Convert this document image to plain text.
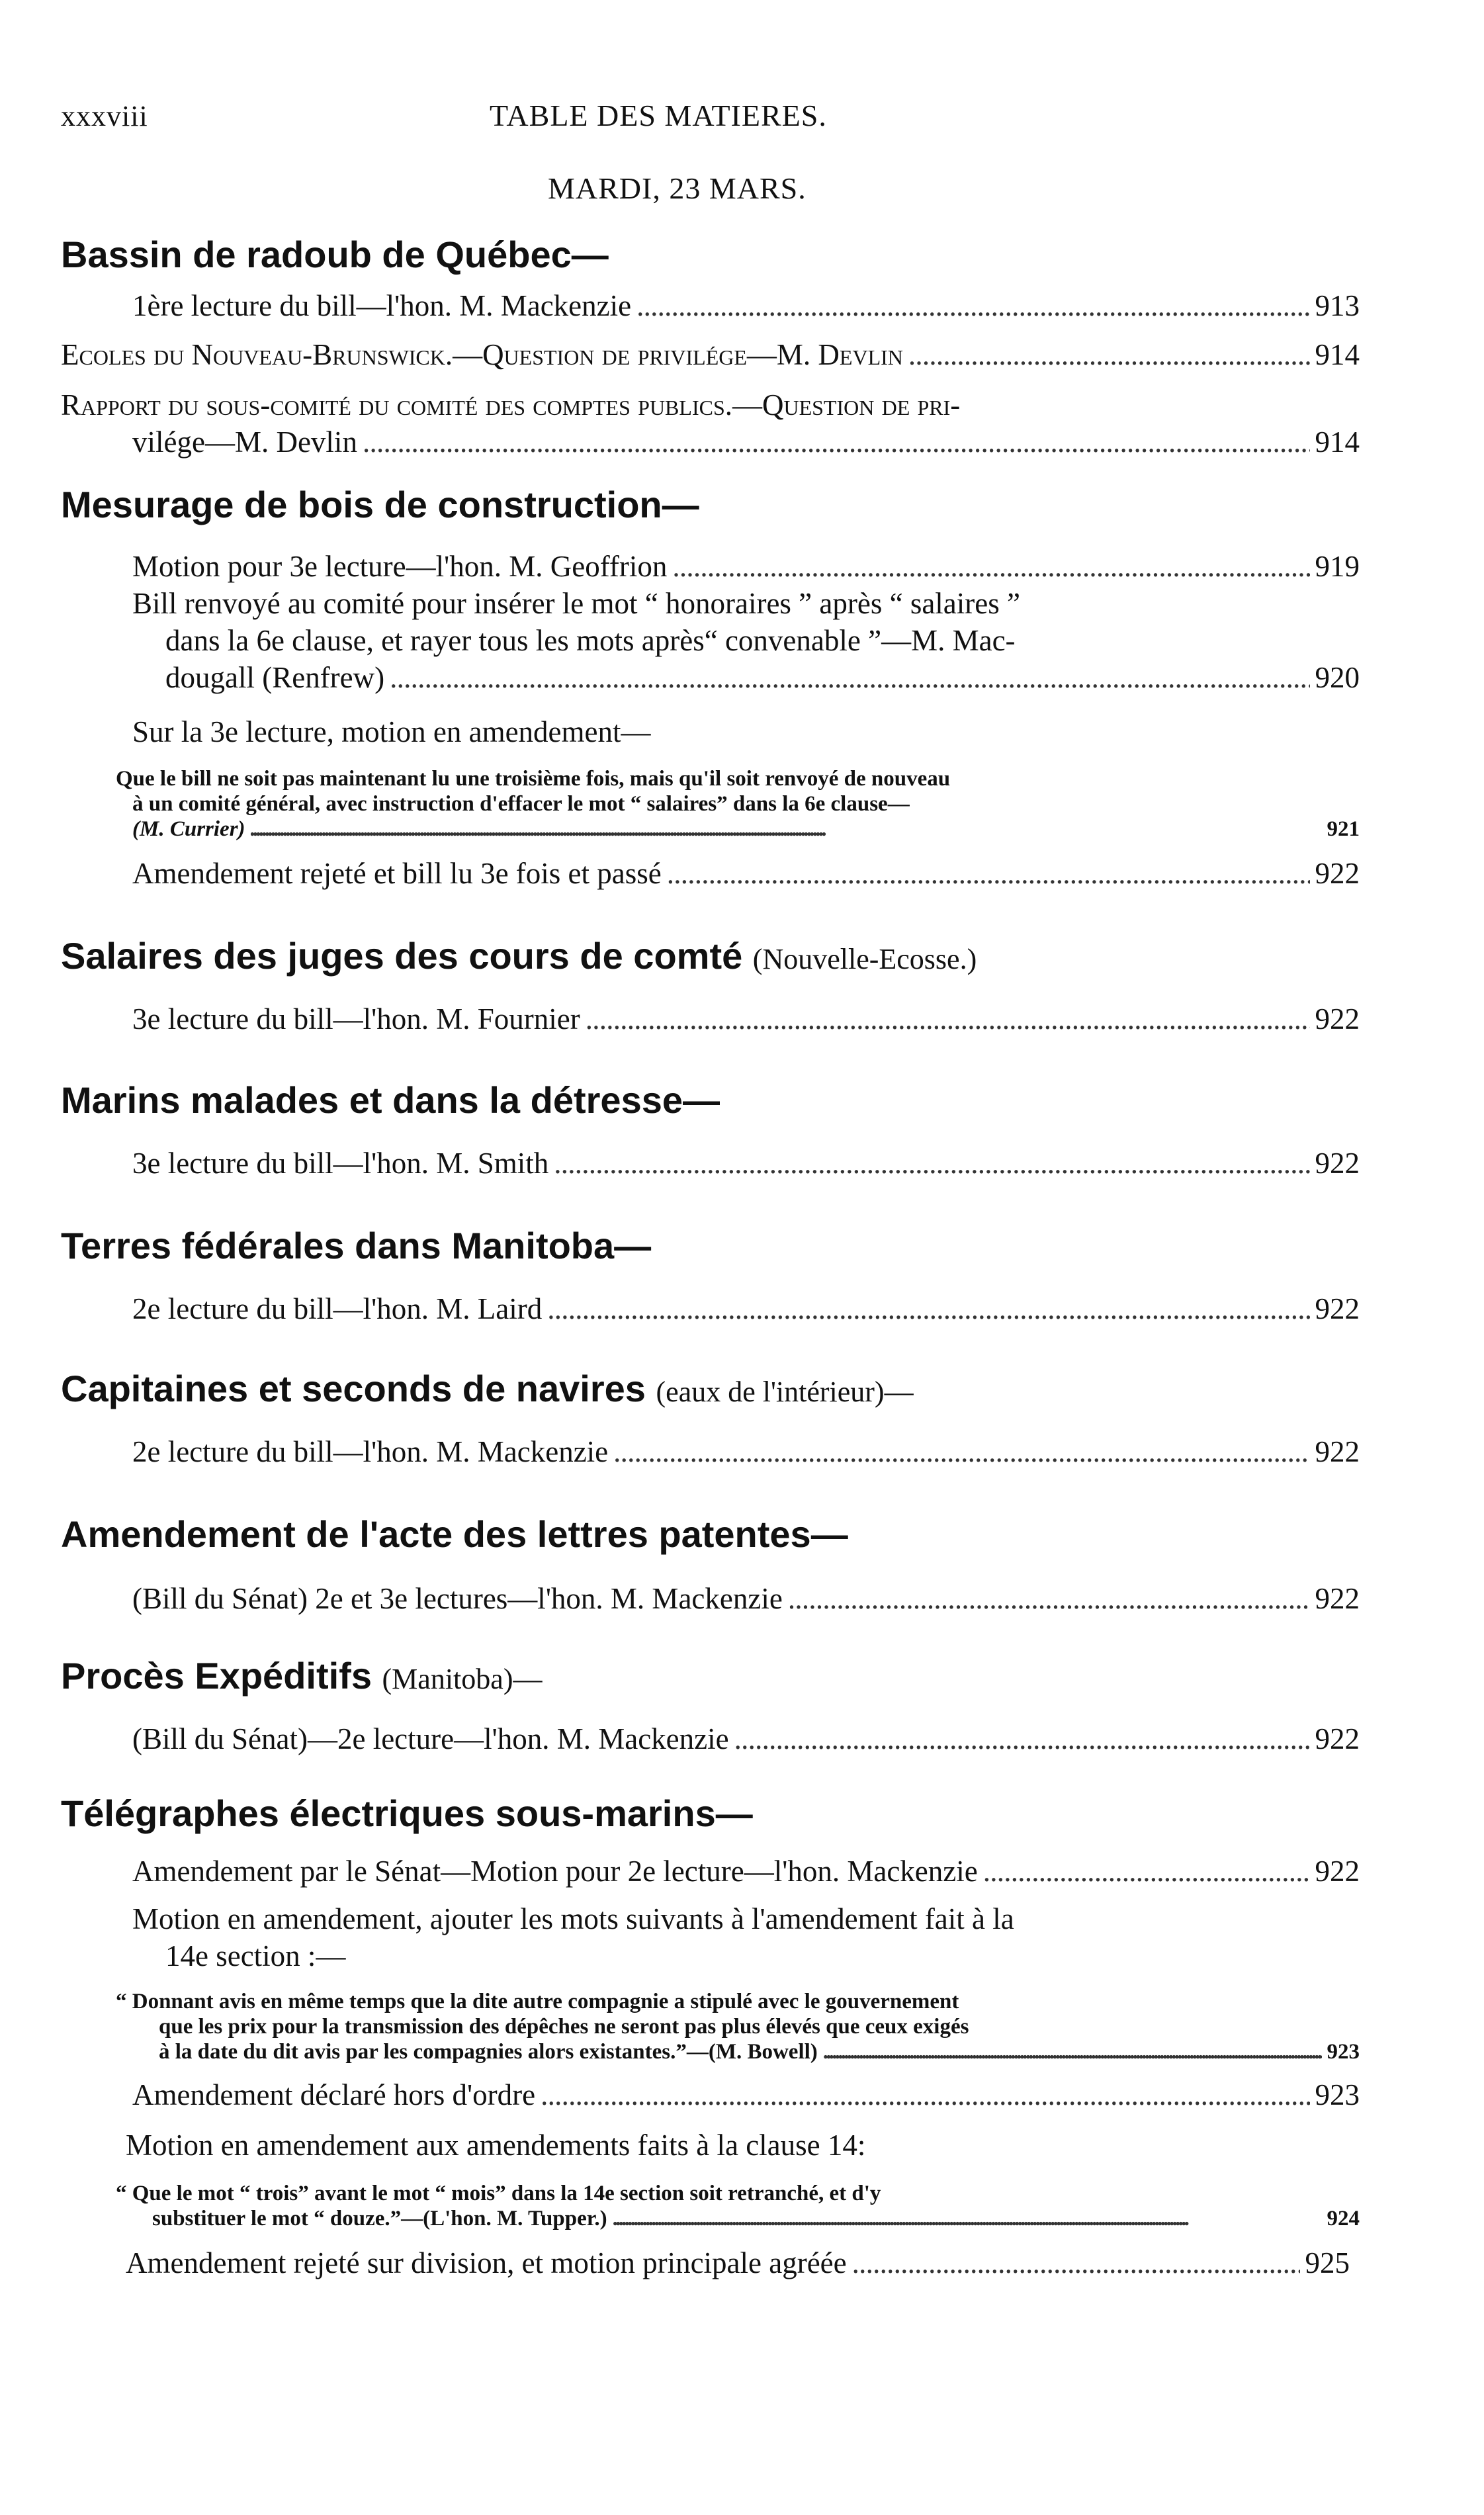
xxxviii	TABLE DES MATIERES.
MARDI, 23 MARS.
Bassin de radoub de Québec—
1ère lecture du bill—l'hon. M. Mackenzie . . .	913
Ecoles du Nouveau-Brunswick.—Question de privilége—M. Devlin . . .	914
Rapport du sous-comité du comité des comptes publics.—Question de pri-
vilége—M. Devlin . . .	914
Mesurage de bois de construction—
Motion pour 3e lecture—l'hon. M. Geoffrion . . .	919
Bill renvoyé au comité pour insérer le mot “ honoraires ” après “ salaires ”
dans la 6e clause, et rayer tous les mots après“ convenable ”—M. Mac-
dougall (Renfrew) . . .	920
Sur la 3e lecture, motion en amendement—
Que le bill ne soit pas maintenant lu une troisième fois, mais qu'il soit renvoyé de nouveau
à un comité général, avec instruction d'effacer le mot “ salaires” dans la 6e clause—
(M. Currier) . . .	921
Amendement rejeté et bill lu 3e fois et passé . . .	922
Salaires des juges des cours de comté (Nouvelle-Ecosse.)
3e lecture du bill—l'hon. M. Fournier . . .	922
Marins malades et dans la détresse—
3e lecture du bill—l'hon. M. Smith . . .	922
Terres fédérales dans Manitoba—
2e lecture du bill—l'hon. M. Laird . . .	922
Capitaines et seconds de navires (eaux de l'intérieur)—
2e lecture du bill—l'hon. M. Mackenzie . . .	922
Amendement de l'acte des lettres patentes—
(Bill du Sénat) 2e et 3e lectures—l'hon. M. Mackenzie . . .	922
Procès Expéditifs (Manitoba)—
(Bill du Sénat)—2e lecture—l'hon. M. Mackenzie . . .	922
Télégraphes électriques sous-marins—
Amendement par le Sénat—Motion pour 2e lecture—l'hon. Mackenzie . . .	922
Motion en amendement, ajouter les mots suivants à l'amendement fait à la
14e section :—
“ Donnant avis en même temps que la dite autre compagnie a stipulé avec le gouvernement
que les prix pour la transmission des dépêches ne seront pas plus élevés que ceux exigés
à la date du dit avis par les compagnies alors existantes.”—(M. Bowell) . . .	923
Amendement déclaré hors d'ordre . . .	923
Motion en amendement aux amendements faits à la clause 14:
“ Que le mot “ trois” avant le mot “ mois” dans la 14e section soit retranché, et d'y
substituer le mot “ douze.”—(L'hon. M. Tupper.) . . .	924
Amendement rejeté sur division, et motion principale agréée . . .	925
